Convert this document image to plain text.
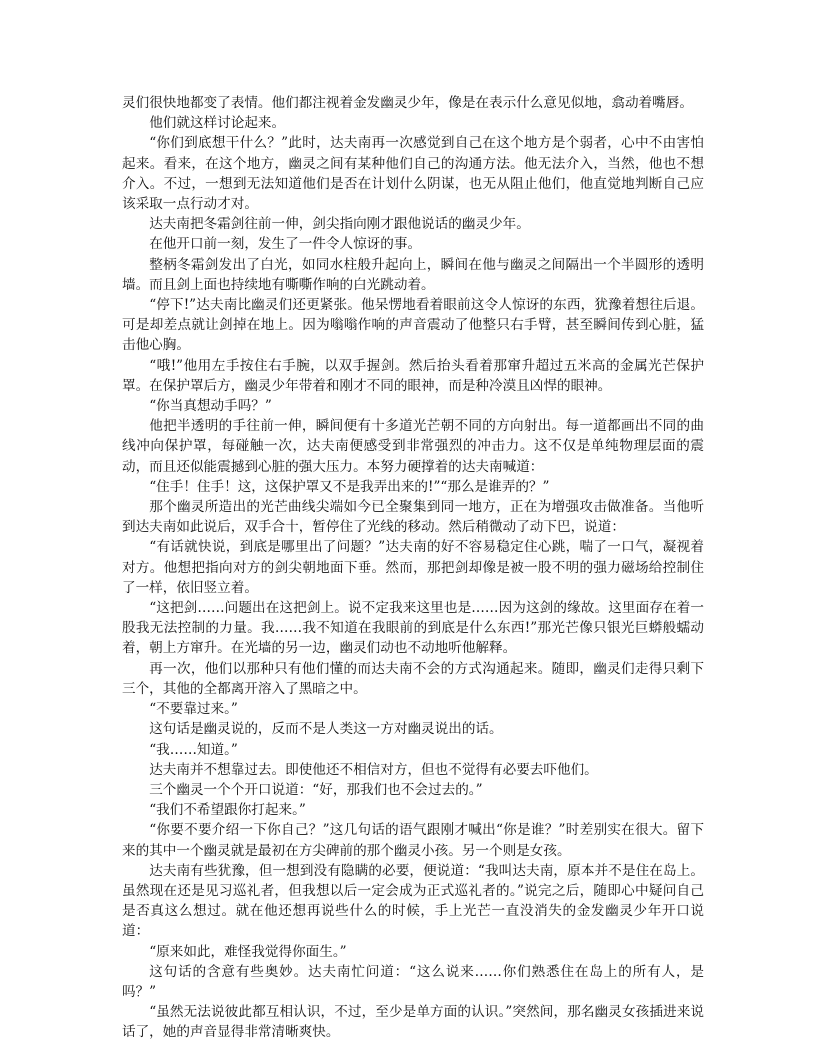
灵们很快地都变了表情。他们都注视着金发幽灵少年，像是在表示什么意见似地，翕动着嘴唇。

他们就这样讨论起来。

“你们到底想干什么？”此时，达夫南再一次感觉到自己在这个地方是个弱者，心中不由害怕起来。看来，在这个地方，幽灵之间有某种他们自己的沟通方法。他无法介入，当然，他也不想介入。不过，一想到无法知道他们是否在计划什么阴谋，也无从阻止他们，他直觉地判断自己应该采取一点行动才对。

达夫南把冬霜剑往前一伸，剑尖指向刚才跟他说话的幽灵少年。

在他开口前一刻，发生了一件令人惊讶的事。

整柄冬霜剑发出了白光，如同水柱般升起向上，瞬间在他与幽灵之间隔出一个半圆形的透明墙。而且剑上面也持续地有嘶嘶作响的白光跳动着。

“停下!”达夫南比幽灵们还更紧张。他呆愣地看着眼前这令人惊讶的东西，犹豫着想往后退。可是却差点就让剑掉在地上。因为嗡嗡作响的声音震动了他整只右手臂，甚至瞬间传到心脏，猛击他心胸。

“哦!”他用左手按住右手腕，以双手握剑。然后抬头看着那窜升超过五米高的金属光芒保护罩。在保护罩后方，幽灵少年带着和刚才不同的眼神，而是种冷漠且凶悍的眼神。

“你当真想动手吗？”

他把半透明的手往前一伸，瞬间便有十多道光芒朝不同的方向射出。每一道都画出不同的曲线冲向保护罩，每碰触一次，达夫南便感受到非常强烈的冲击力。这不仅是单纯物理层面的震动，而且还似能震撼到心脏的强大压力。本努力硬撑着的达夫南喊道：

“住手！住手！这，这保护罩又不是我弄出来的!”“那么是谁弄的？”

那个幽灵所造出的光芒曲线尖端如今已全聚集到同一地方，正在为增强攻击做准备。当他听到达夫南如此说后，双手合十，暂停住了光线的移动。然后稍微动了动下巴，说道：

“有话就快说，到底是哪里出了问题？”达夫南的好不容易稳定住心跳，喘了一口气，凝视着对方。他想把指向对方的剑尖朝地面下垂。然而，那把剑却像是被一股不明的强力磁场给控制住了一样，依旧竖立着。

“这把剑……问题出在这把剑上。说不定我来这里也是……因为这剑的缘故。这里面存在着一股我无法控制的力量。我……我不知道在我眼前的到底是什么东西!”那光芒像只银光巨蟒般蠕动着，朝上方窜升。在光墙的另一边，幽灵们动也不动地听他解释。

再一次，他们以那种只有他们懂的而达夫南不会的方式沟通起来。随即，幽灵们走得只剩下三个，其他的全都离开溶入了黑暗之中。

“不要靠过来。”

这句话是幽灵说的，反而不是人类这一方对幽灵说出的话。

“我……知道。”

达夫南并不想靠过去。即使他还不相信对方，但也不觉得有必要去吓他们。

三个幽灵一个个开口说道：“好，那我们也不会过去的。”

“我们不希望跟你打起来。”

“你要不要介绍一下你自己？”这几句话的语气跟刚才喊出“你是谁？”时差别实在很大。留下来的其中一个幽灵就是最初在方尖碑前的那个幽灵小孩。另一个则是女孩。

达夫南有些犹豫，但一想到没有隐瞒的必要，便说道：“我叫达夫南，原本并不是住在岛上。虽然现在还是见习巡礼者，但我想以后一定会成为正式巡礼者的。”说完之后，随即心中疑问自己是否真这么想过。就在他还想再说些什么的时候，手上光芒一直没消失的金发幽灵少年开口说道：

“原来如此，难怪我觉得你面生。”

这句话的含意有些奥妙。达夫南忙问道：“这么说来……你们熟悉住在岛上的所有人，是吗？”

“虽然无法说彼此都互相认识，不过，至少是单方面的认识。”突然间，那名幽灵女孩插进来说话了，她的声音显得非常清晰爽快。
